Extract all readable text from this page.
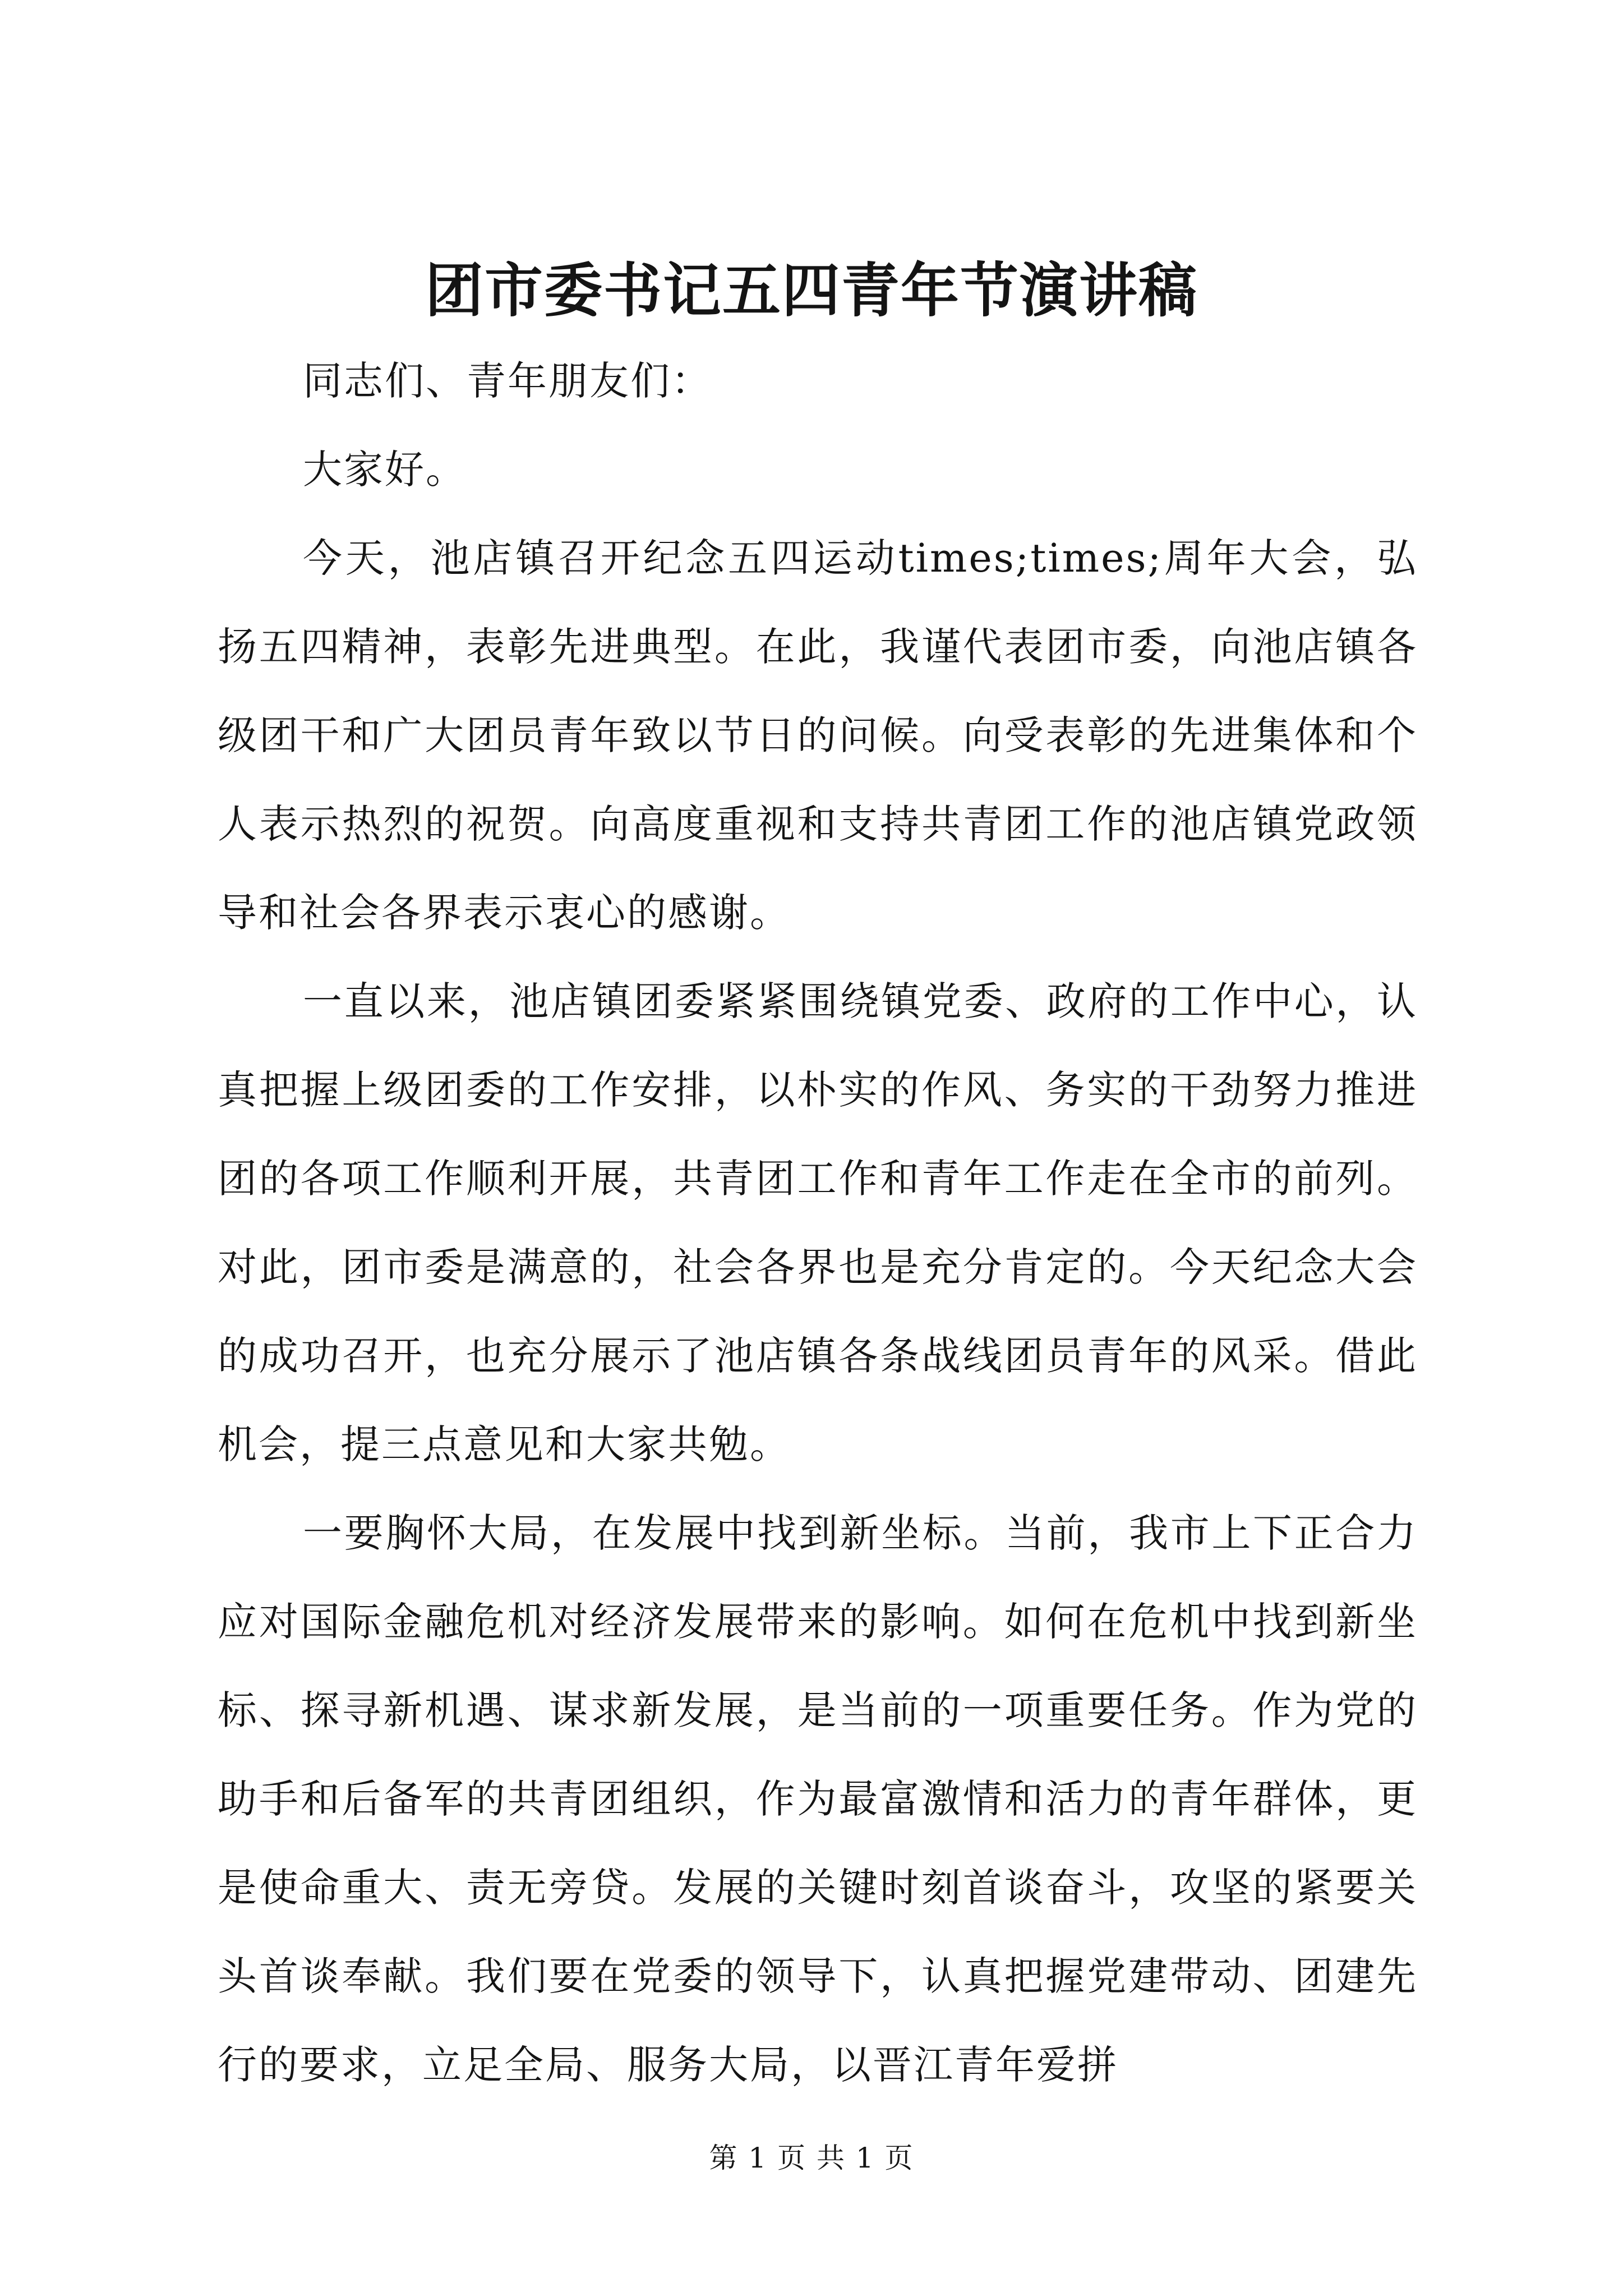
团市委书记五四青年节演讲稿

同志们、青年朋友们：

大家好。

今天，池店镇召开纪念五四运动times;times;周年大会，弘扬五四精神，表彰先进典型。在此，我谨代表团市委，向池店镇各级团干和广大团员青年致以节日的问候。向受表彰的先进集体和个人表示热烈的祝贺。向高度重视和支持共青团工作的池店镇党政领导和社会各界表示衷心的感谢。

一直以来，池店镇团委紧紧围绕镇党委、政府的工作中心，认真把握上级团委的工作安排，以朴实的作风、务实的干劲努力推进团的各项工作顺利开展，共青团工作和青年工作走在全市的前列。对此，团市委是满意的，社会各界也是充分肯定的。今天纪念大会的成功召开，也充分展示了池店镇各条战线团员青年的风采。借此机会，提三点意见和大家共勉。

一要胸怀大局，在发展中找到新坐标。当前，我市上下正合力应对国际金融危机对经济发展带来的影响。如何在危机中找到新坐标、探寻新机遇、谋求新发展，是当前的一项重要任务。作为党的助手和后备军的共青团组织，作为最富激情和活力的青年群体，更是使命重大、责无旁贷。发展的关键时刻首谈奋斗，攻坚的紧要关头首谈奉献。我们要在党委的领导下，认真把握党建带动、团建先行的要求，立足全局、服务大局，以晋江青年爱拼

第 1 页 共 1 页
